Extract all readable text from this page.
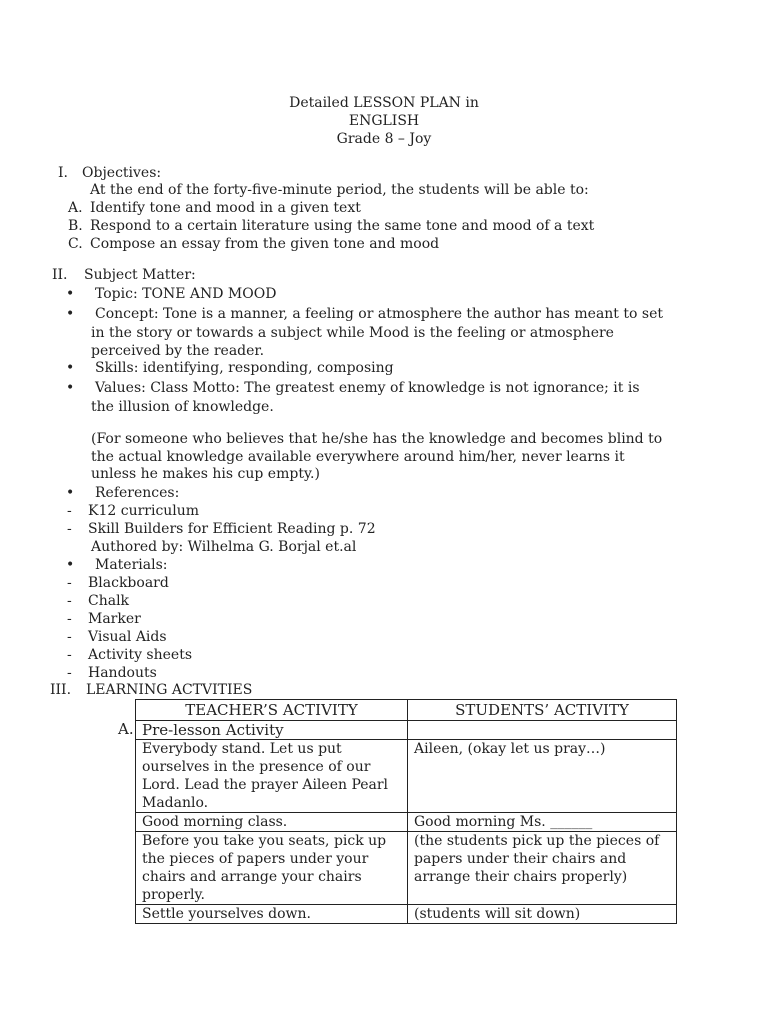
Detailed LESSON PLAN in
ENGLISH
Grade 8 – Joy
I. Objectives:
At the end of the forty-five-minute period, the students will be able to:
A. Identify tone and mood in a given text
B. Respond to a certain literature using the same tone and mood of a text
C. Compose an essay from the given tone and mood
II. Subject Matter:
• Topic: TONE AND MOOD
• Concept: Tone is a manner, a feeling or atmosphere the author has meant to set
in the story or towards a subject while Mood is the feeling or atmosphere
perceived by the reader.
• Skills: identifying, responding, composing
• Values: Class Motto: The greatest enemy of knowledge is not ignorance; it is
the illusion of knowledge.
(For someone who believes that he/she has the knowledge and becomes blind to
the actual knowledge available everywhere around him/her, never learns it
unless he makes his cup empty.)
• References:
- K12 curriculum
- Skill Builders for Efficient Reading p. 72
Authored by: Wilhelma G. Borjal et.al
• Materials:
- Blackboard
- Chalk
- Marker
- Visual Aids
- Activity sheets
- Handouts
III. LEARNING ACTVITIES
A.
TEACHER’S ACTIVITY	STUDENTS’ ACTIVITY
Pre-lesson Activity	
Everybody stand. Let us put ourselves in the presence of our Lord. Lead the prayer Aileen Pearl Madanlo.	Aileen, (okay let us pray…)
Good morning class.	Good morning Ms. ______
Before you take you seats, pick up the pieces of papers under your chairs and arrange your chairs properly.	(the students pick up the pieces of papers under their chairs and arrange their chairs properly)
Settle yourselves down.	(students will sit down)
